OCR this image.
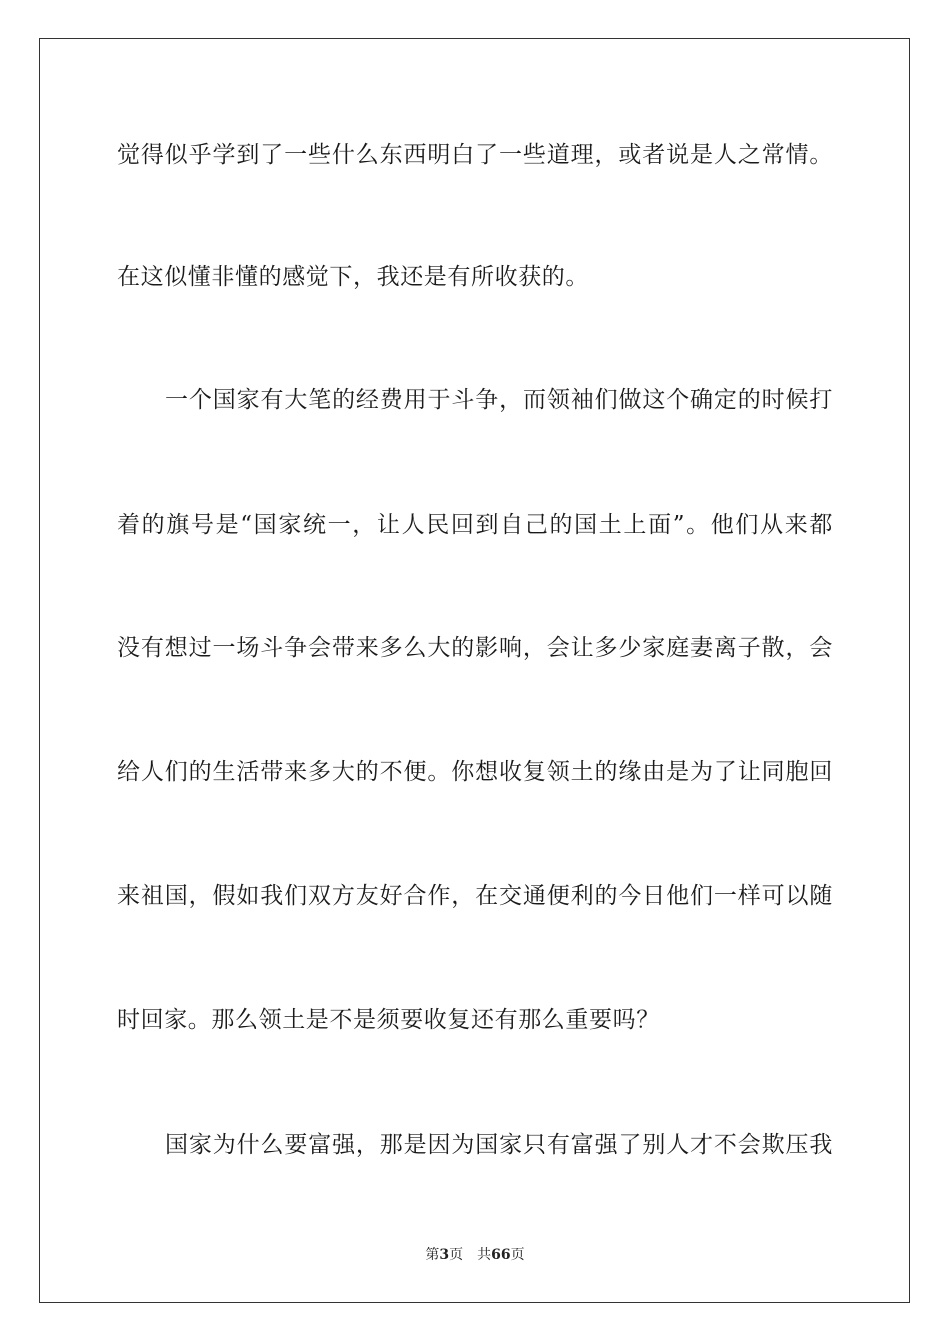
觉得似乎学到了一些什么东西明白了一些道理，或者说是人之常情。
在这似懂非懂的感觉下，我还是有所收获的。
一个国家有大笔的经费用于斗争，而领袖们做这个确定的时候打
着的旗号是“国家统一，让人民回到自己的国土上面”。他们从来都
没有想过一场斗争会带来多么大的影响，会让多少家庭妻离子散，会
给人们的生活带来多大的不便。你想收复领土的缘由是为了让同胞回
来祖国，假如我们双方友好合作，在交通便利的今日他们一样可以随
时回家。那么领土是不是须要收复还有那么重要吗？
国家为什么要富强，那是因为国家只有富强了别人才不会欺压我
第3页 共66页
